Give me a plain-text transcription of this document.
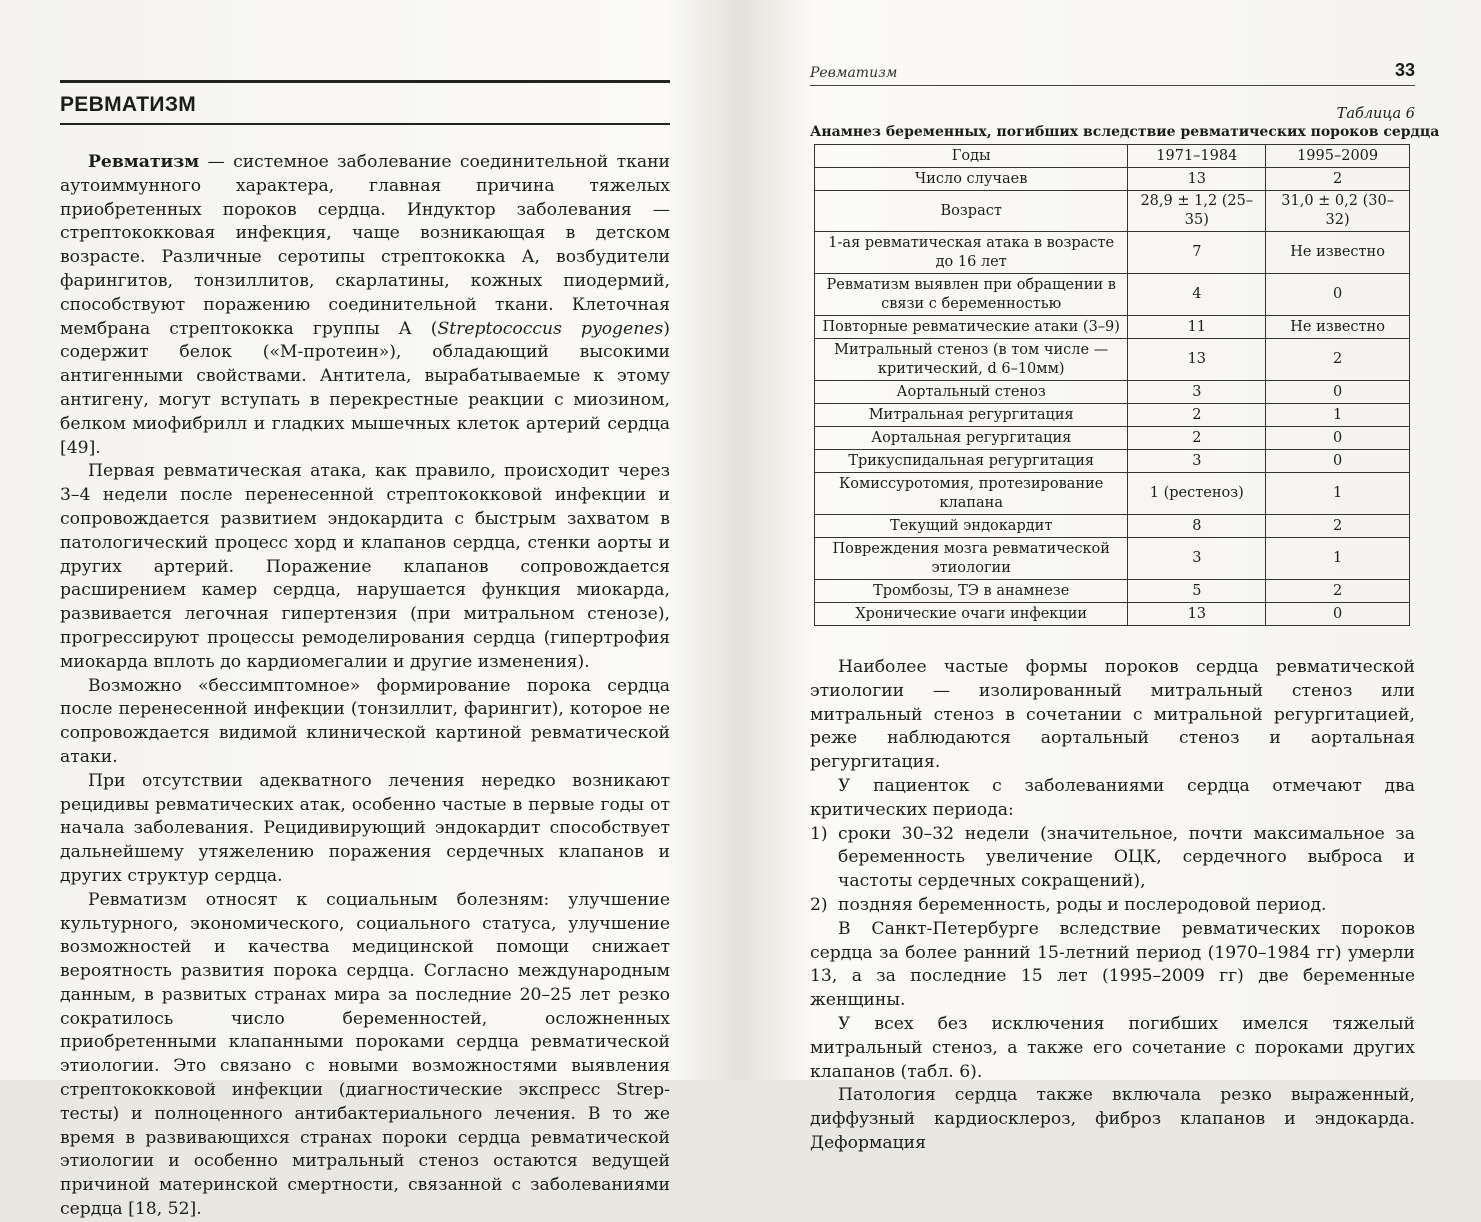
РЕВМАТИЗМ

Ревматизм — системное заболевание соединительной ткани аутоиммунного характера, главная причина тяжелых приобретенных пороков сердца. Индуктор заболевания — стрептококковая инфекция, чаще возникающая в детском возрасте. Различные серотипы стрептококка А, возбудители фарингитов, тонзиллитов, скарлатины, кожных пиодермий, способствуют поражению соединительной ткани. Клеточная мембрана стрептококка группы А (Streptococcus pyogenes) содержит белок («М-протеин»), обладающий высокими антигенными свойствами. Антитела, вырабатываемые к этому антигену, могут вступать в перекрестные реакции с миозином, белком миофибрилл и гладких мышечных клеток артерий сердца [49].

Первая ревматическая атака, как правило, происходит через 3–4 недели после перенесенной стрептококковой инфекции и сопровождается развитием эндокардита с быстрым захватом в патологический процесс хорд и клапанов сердца, стенки аорты и других артерий. Поражение клапанов сопровождается расширением камер сердца, нарушается функция миокарда, развивается легочная гипертензия (при митральном стенозе), прогрессируют процессы ремоделирования сердца (гипертрофия миокарда вплоть до кардиомегалии и другие изменения).

Возможно «бессимптомное» формирование порока сердца после перенесенной инфекции (тонзиллит, фарингит), которое не сопровождается видимой клинической картиной ревматической атаки.

При отсутствии адекватного лечения нередко возникают рецидивы ревматических атак, особенно частые в первые годы от начала заболевания. Рецидивирующий эндокардит способствует дальнейшему утяжелению поражения сердечных клапанов и других структур сердца.

Ревматизм относят к социальным болезням: улучшение культурного, экономического, социального статуса, улучшение возможностей и качества медицинской помощи снижает вероятность развития порока сердца. Согласно международным данным, в развитых странах мира за последние 20–25 лет резко сократилось число беременностей, осложненных приобретенными клапанными пороками сердца ревматической этиологии. Это связано с новыми возможностями выявления стрептококковой инфекции (диагностические экспресс Strep-тесты) и полноценного антибактериального лечения. В то же время в развивающихся странах пороки сердца ревматической этиологии и особенно митральный стеноз остаются ведущей причиной материнской смертности, связанной с заболеваниями сердца [18, 52].

Ревматизм	33
Таблица 6
Анамнез беременных, погибших вследствие ревматических пороков сердца
Годы	1971–1984	1995–2009
Число случаев	13	2
Возраст	28,9 ± 1,2 (25–35)	31,0 ± 0,2 (30–32)
1-ая ревматическая атака в возрасте до 16 лет	7	Не известно
Ревматизм выявлен при обращении в связи с беременностью	4	0
Повторные ревматические атаки (3–9)	11	Не известно
Митральный стеноз (в том числе — критический, d 6–10мм)	13	2
Аортальный стеноз	3	0
Митральная регургитация	2	1
Аортальная регургитация	2	0
Трикуспидальная регургитация	3	0
Комиссуротомия, протезирование клапана	1 (рестеноз)	1
Текущий эндокардит	8	2
Повреждения мозга ревматической этиологии	3	1
Тромбозы, ТЭ в анамнезе	5	2
Хронические очаги инфекции	13	0

Наиболее частые формы пороков сердца ревматической этиологии — изолированный митральный стеноз или митральный стеноз в сочетании с митральной регургитацией, реже наблюдаются аортальный стеноз и аортальная регургитация.

У пациенток с заболеваниями сердца отмечают два критических периода:

1) сроки 30–32 недели (значительное, почти максимальное за беременность увеличение ОЦК, сердечного выброса и частоты сердечных сокращений),
2) поздняя беременность, роды и послеродовой период.

В Санкт-Петербурге вследствие ревматических пороков сердца за более ранний 15-летний период (1970–1984 гг) умерли 13, а за последние 15 лет (1995–2009 гг) две беременные женщины.

У всех без исключения погибших имелся тяжелый митральный стеноз, а также его сочетание с пороками других клапанов (табл. 6).

Патология сердца также включала резко выраженный, диффузный кардиосклероз, фиброз клапанов и эндокарда. Деформация
